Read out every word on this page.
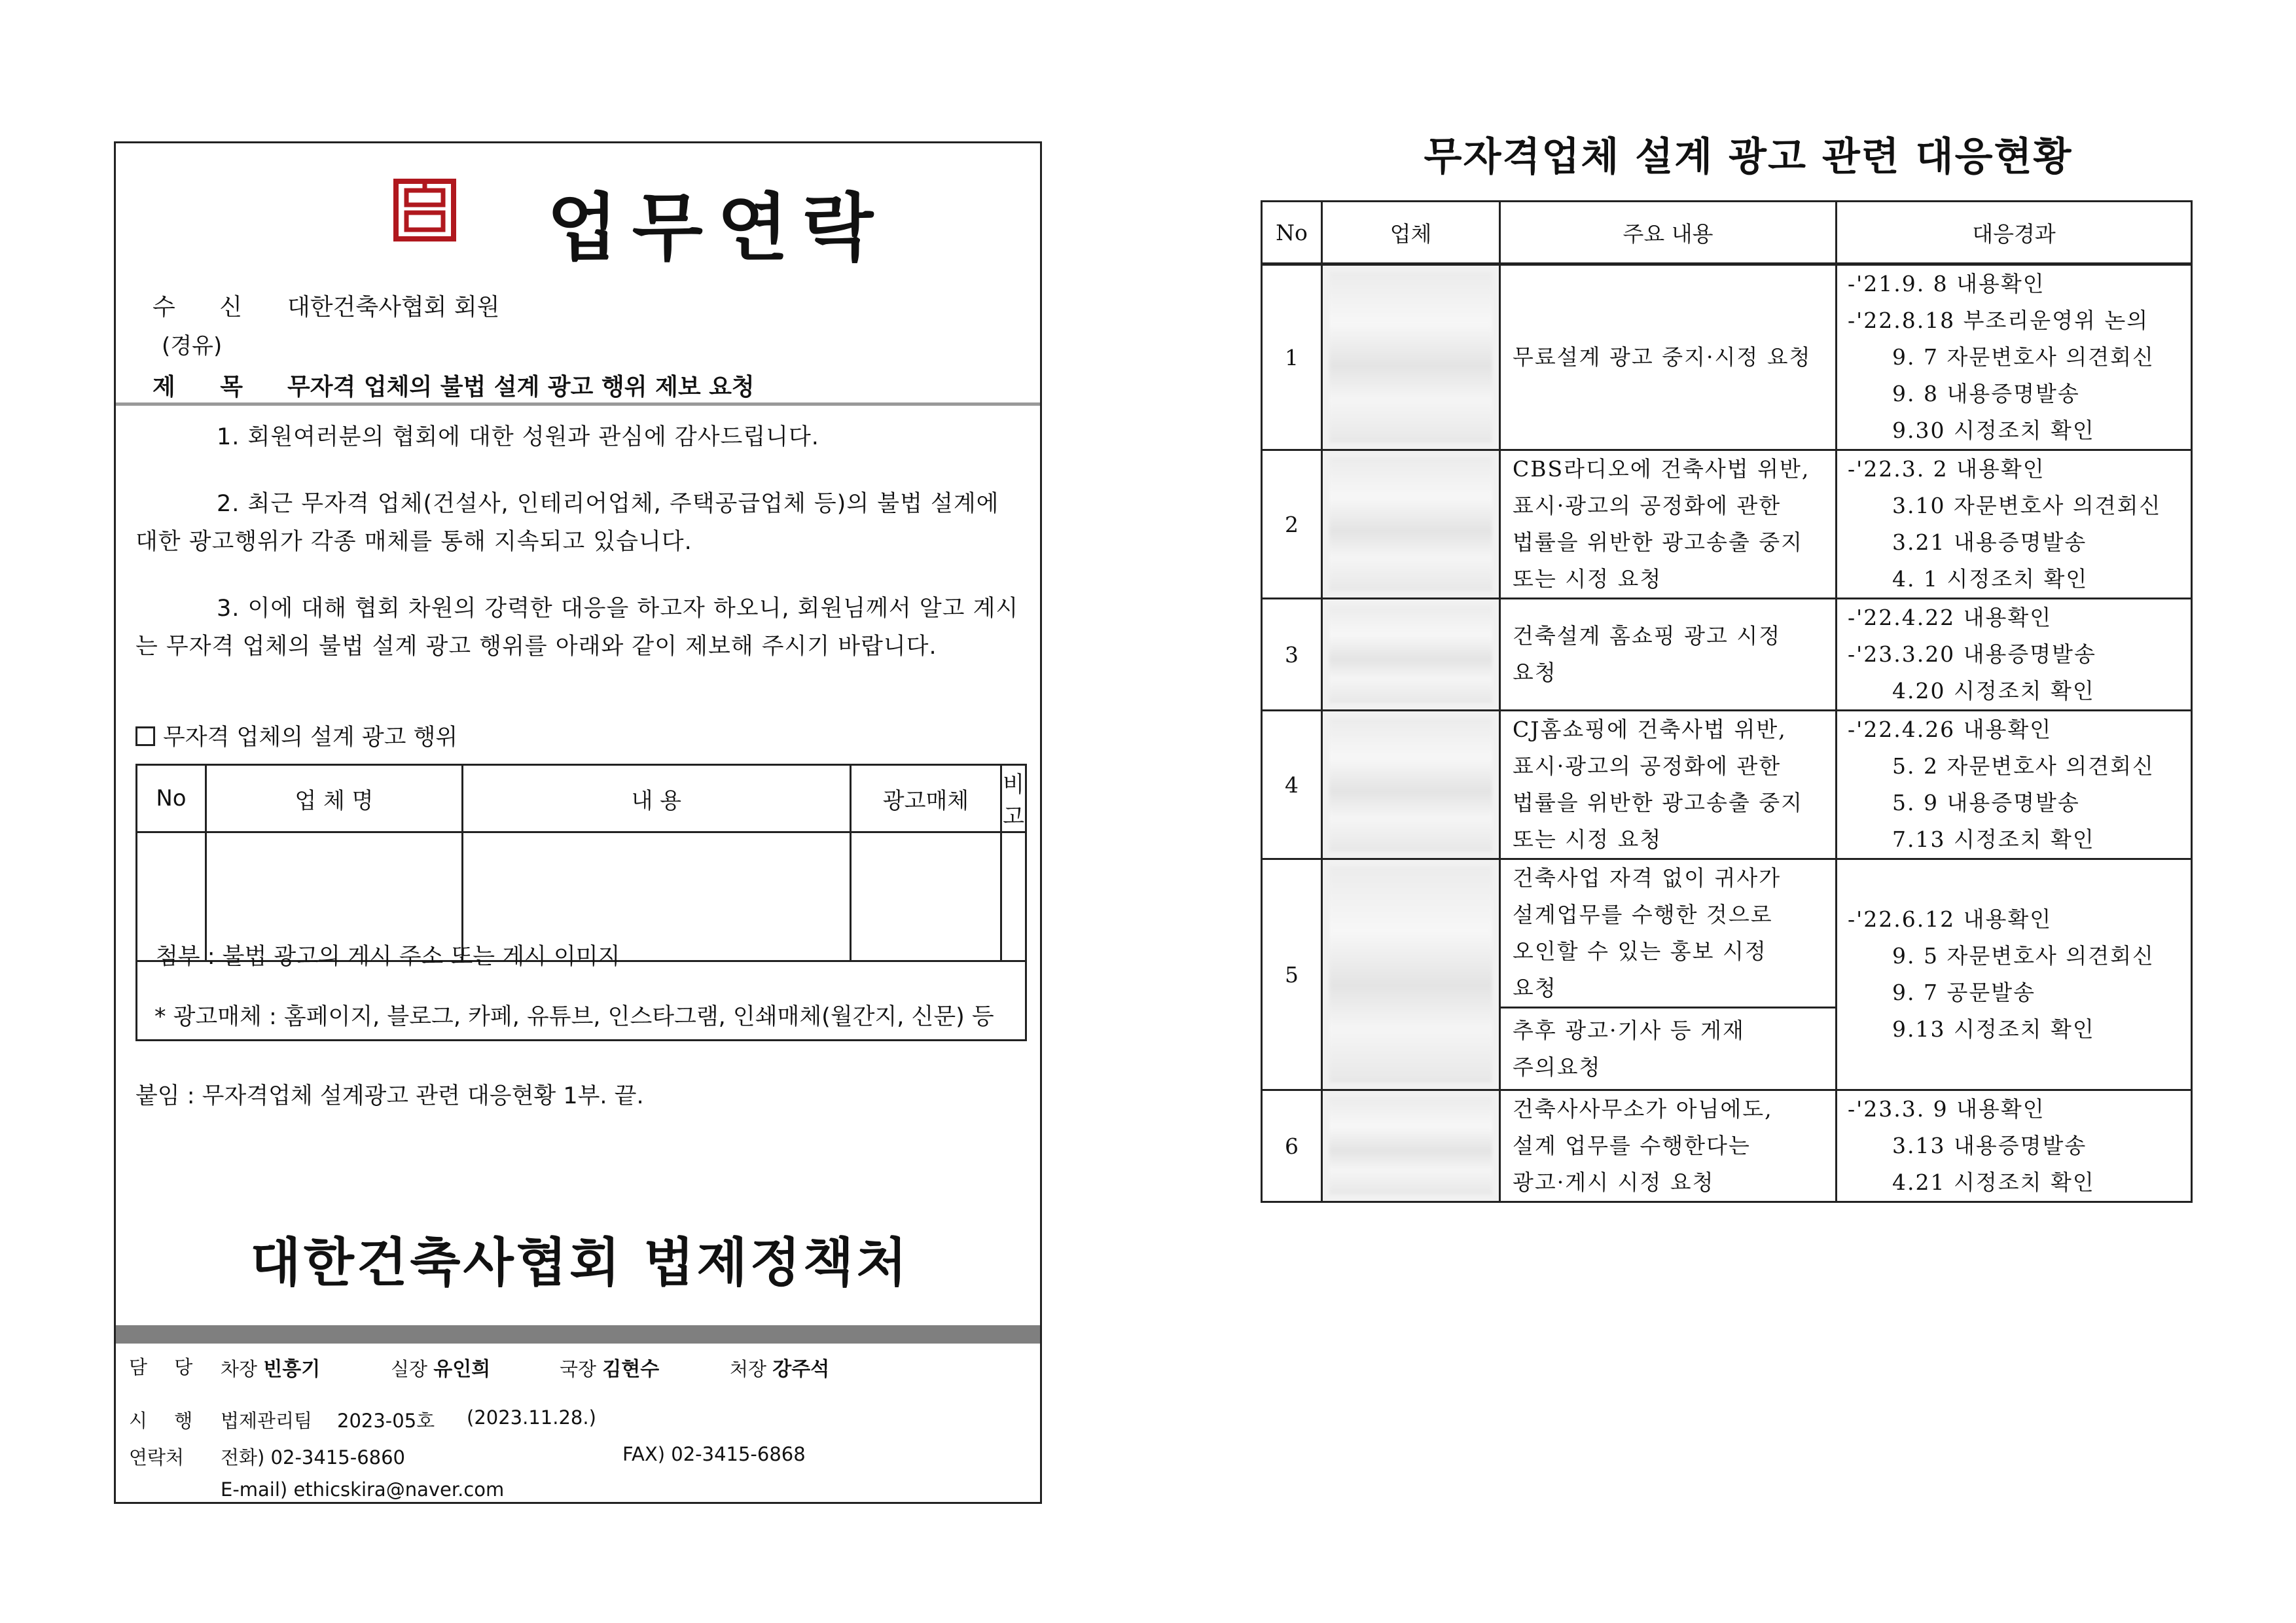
업무연락
수 신 대한건축사협회 회원
(경유)
제 목 무자격 업체의 불법 설계 광고 행위 제보 요청
1. 회원여러분의 협회에 대한 성원과 관심에 감사드립니다.
2. 최근 무자격 업체(건설사, 인테리어업체, 주택공급업체 등)의 불법 설계에 대한 광고행위가 각종 매체를 통해 지속되고 있습니다.
3. 이에 대해 협회 차원의 강력한 대응을 하고자 하오니, 회원님께서 알고 계시는 무자격 업체의 불법 설계 광고 행위를 아래와 같이 제보해 주시기 바랍니다.
무자격 업체의 설계 광고 행위
No	업 체 명	내 용	광고매체	비고

첨부 : 불법 광고의 게시 주소 또는 게시 이미지
* 광고매체 : 홈페이지, 블로그, 카페, 유튜브, 인스타그램, 인쇄매체(월간지, 신문) 등
붙임 : 무자격업체 설계광고 관련 대응현황 1부. 끝.
대한건축사협회 법제정책처
담 당 차장 빈흥기	실장 유인희	국장 김현수	처장 강주석
시 행 법제관리팀 2023-05호 (2023.11.28.)
연락처 전화) 02-3415-6860	FAX) 02-3415-6868
E-mail) ethicskira@naver.com
무자격업체 설계 광고 관련 대응현황
No	업체	주요 내용	대응경과
1		무료설계 광고 중지·시정 요청	-'21.9. 8 내용확인
-'22.8.18 부조리운영위 논의
9. 7 자문변호사 의견회신
9. 8 내용증명발송
9.30 시정조치 확인

2		CBS라디오에 건축사법 위반,
표시·광고의 공정화에 관한
법률을 위반한 광고송출 중지
또는 시정 요청	-'22.3. 2 내용확인
3.10 자문변호사 의견회신
3.21 내용증명발송
4. 1 시정조치 확인

3		건축설계 홈쇼핑 광고 시정
요청	-'22.4.22 내용확인
-'23.3.20 내용증명발송
4.20 시정조치 확인

4		CJ홈쇼핑에 건축사법 위반,
표시·광고의 공정화에 관한
법률을 위반한 광고송출 중지
또는 시정 요청	-'22.4.26 내용확인
5. 2 자문변호사 의견회신
5. 9 내용증명발송
7.13 시정조치 확인

5		건축사업 자격 없이 귀사가
설계업무를 수행한 것으로
오인할 수 있는 홍보 시정
요청	-'22.6.12 내용확인
9. 5 자문변호사 의견회신
9. 7 공문발송
9.13 시정조치 확인

		추후 광고·기사 등 게재
주의요청	

6		건축사사무소가 아님에도,
설계 업무를 수행한다는
광고·게시 시정 요청	-'23.3. 9 내용확인
3.13 내용증명발송
4.21 시정조치 확인
